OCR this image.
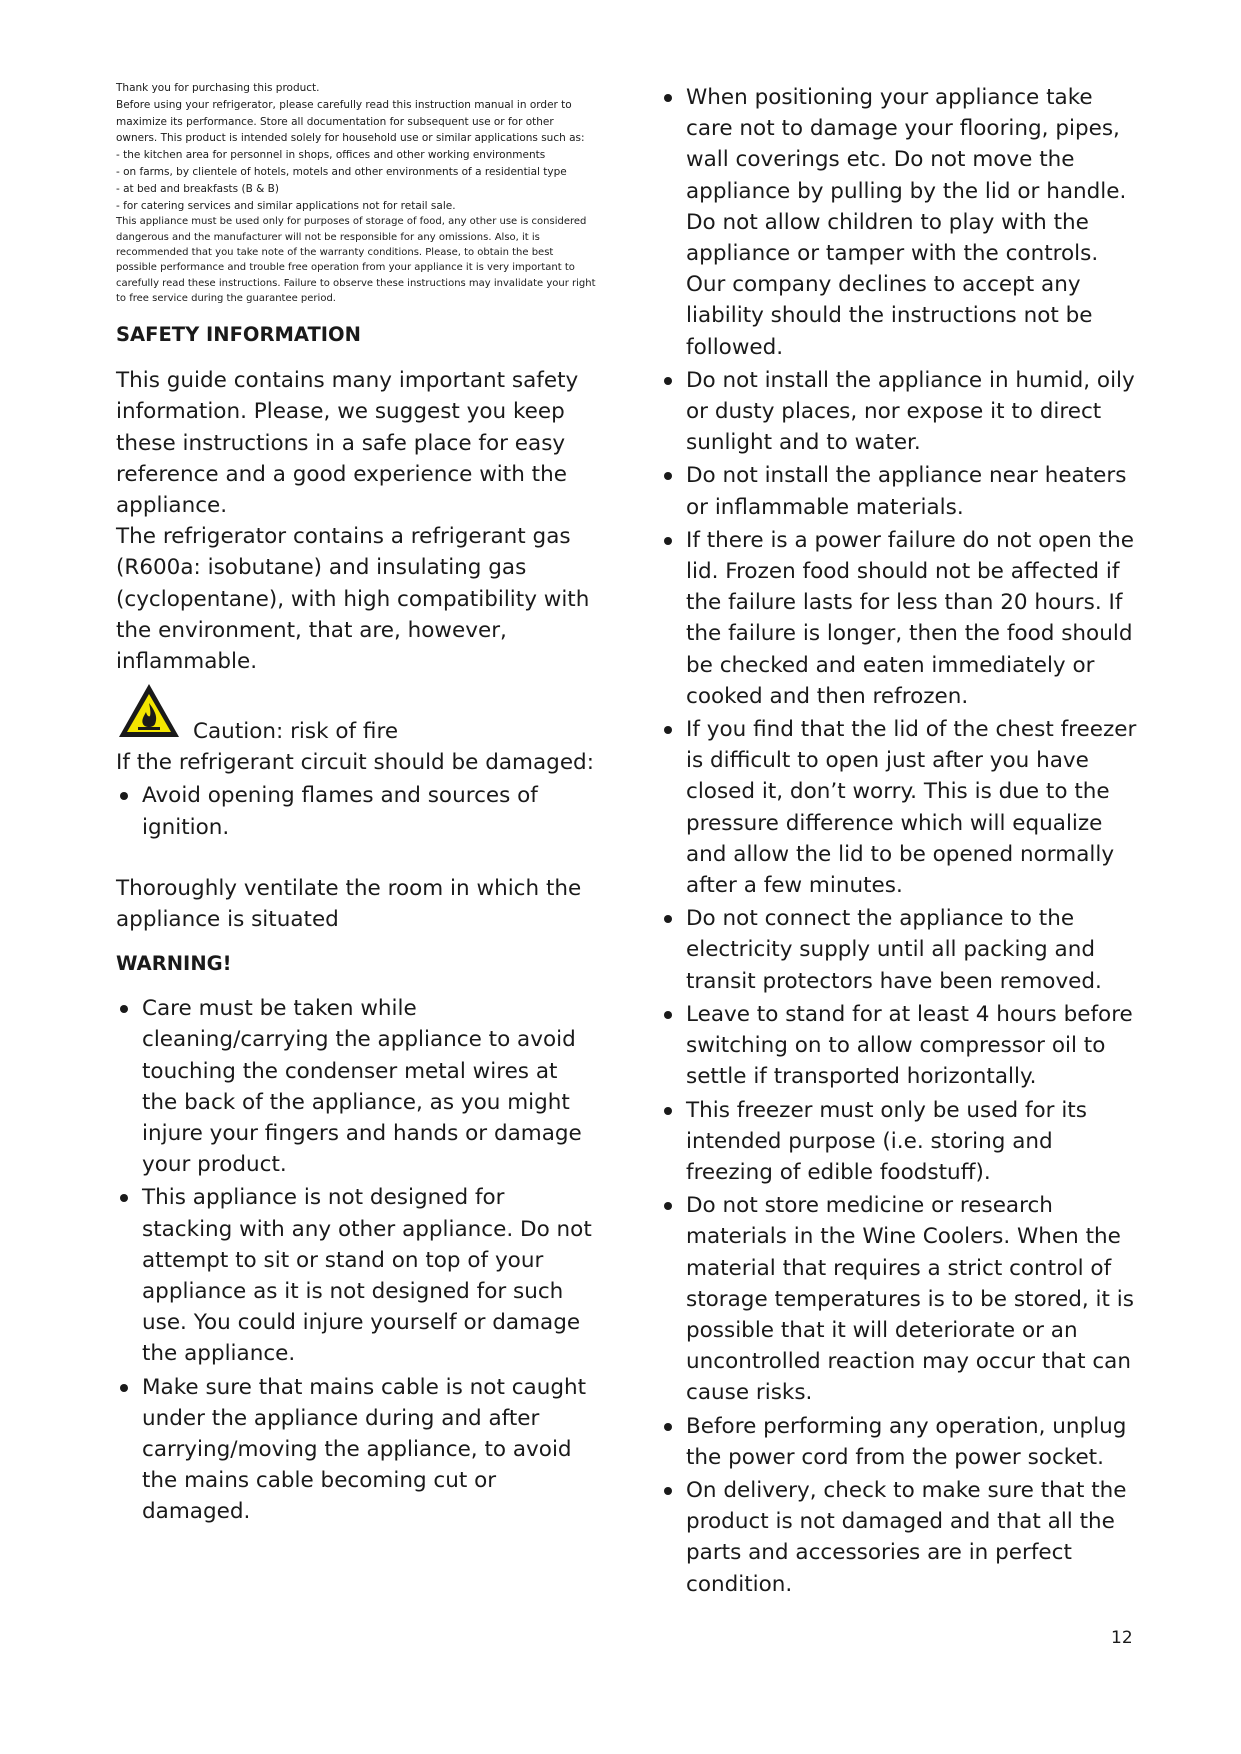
Thank you for purchasing this product.

Before using your refrigerator, please carefully read this instruction manual in order to maximize its performance. Store all documentation for subsequent use or for other owners. This product is intended solely for household use or similar applications such as:

- the kitchen area for personnel in shops, offices and other working environments

- on farms, by clientele of hotels, motels and other environments of a residential type

- at bed and breakfasts (B & B)

- for catering services and similar applications not for retail sale.

This appliance must be used only for purposes of storage of food, any other use is considered dangerous and the manufacturer will not be responsible for any omissions. Also, it is recommended that you take note of the warranty conditions. Please, to obtain the best possible performance and trouble free operation from your appliance it is very important to carefully read these instructions. Failure to observe these instructions may invalidate your right to free service during the guarantee period.

SAFETY INFORMATION

This guide contains many important safety information. Please, we suggest you keep these instructions in a safe place for easy reference and a good experience with the appliance.

The refrigerator contains a refrigerant gas (R600a: isobutane) and insulating gas (cyclopentane), with high compatibility with the environment, that are, however, inflammable.

Caution: risk of fire

If the refrigerant circuit should be damaged:

Avoid opening flames and sources of ignition.

Thoroughly ventilate the room in which the appliance is situated

WARNING!
Care must be taken while cleaning/carrying the appliance to avoid touching the condenser metal wires at the back of the appliance, as you might injure your fingers and hands or damage your product.
This appliance is not designed for stacking with any other appliance. Do not attempt to sit or stand on top of your appliance as it is not designed for such use. You could injure yourself or damage the appliance.
Make sure that mains cable is not caught under the appliance during and after carrying/moving the appliance, to avoid the mains cable becoming cut or damaged.
When positioning your appliance take care not to damage your flooring, pipes, wall coverings etc. Do not move the appliance by pulling by the lid or handle. Do not allow children to play with the appliance or tamper with the controls. Our company declines to accept any liability should the instructions not be followed.
Do not install the appliance in humid, oily or dusty places, nor expose it to direct sunlight and to water.
Do not install the appliance near heaters or inflammable materials.
If there is a power failure do not open the lid. Frozen food should not be affected if the failure lasts for less than 20 hours. If the failure is longer, then the food should be checked and eaten immediately or cooked and then refrozen.
If you find that the lid of the chest freezer is difficult to open just after you have closed it, don’t worry. This is due to the pressure difference which will equalize and allow the lid to be opened normally after a few minutes.
Do not connect the appliance to the electricity supply until all packing and transit protectors have been removed.
Leave to stand for at least 4 hours before switching on to allow compressor oil to settle if transported horizontally.
This freezer must only be used for its intended purpose (i.e. storing and freezing of edible foodstuff).
Do not store medicine or research materials in the Wine Coolers. When the material that requires a strict control of storage temperatures is to be stored, it is possible that it will deteriorate or an uncontrolled reaction may occur that can cause risks.
Before performing any operation, unplug the power cord from the power socket.
On delivery, check to make sure that the product is not damaged and that all the parts and accessories are in perfect condition.
12
